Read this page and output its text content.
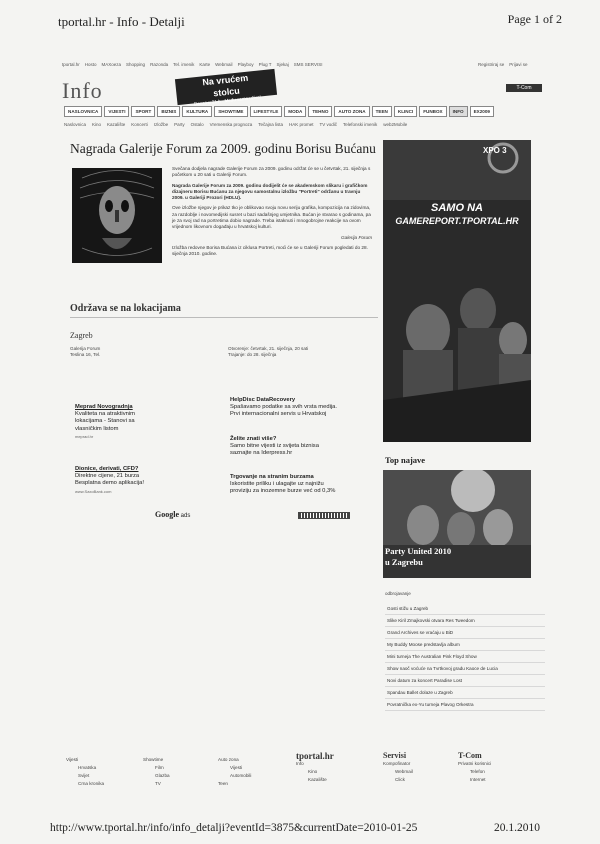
tportal.hr - Info - Detalji	Page 1 of 2
tportal.hr Hosto MAXoeza Shopping Razonda Tel. imenik Karte Webmail Playboy Plug T Sjekaj SMS SERVISI	Registriraj se Prijavi se
Info	Na vrućem
stolcu
Danas u 21 h · Među vama uživo!
T-Com
NASLOVNICA	VIJESTI	SPORT	BIZNIS	KULTURA	SHOWTIME	LIFESTYLE	MODA	TEHNO	AUTO ZONA	TEEN	KLINCI	FUNBOX	INFO	EX2009
Naslovnica Kino Kazalište Koncerti Izložbe Party Ostalo Vremenska prognoza Tečajna lista HAK promet TV vodič Telefonski imenik web2Mobile
Nagrada Galerije Forum za 2009. godinu Borisu Bućanu

Svečana dodjela nagrade Galerije Forum za 2009. godinu održat će se u četvrtak, 21. siječnja s početkom u 20 sati u Galeriji Forum.

Nagrada Galerije Forum za 2009. godinu dodijelit će se akademskom slikaru i grafičkom dizajneru Borisu Bućanu za njegovu samostalnu izložbu "Portreti" održanu u travnju 2009. u Galeriji Prozori (HDLU).

Ove izložbe njegov je prikaz tko je oblikovao svoju novu seriju grafika, kompozicija na zidovima, za razdoblje i novomedijski susret u bazi sadašnjeg umjetnika. Bućan je stvarao s godinama, pa je za svoj rad na portretima dobio nagrade. Treba istaknuti i mnogobrojne reakcije na ovom vrijednom likovnom događaju u hrvatskoj kulturi.

Galerija Forum

Izložba redovne Borisa Bućana iz ciklusa Portreti, moći će se u Galeriji Forum pogledati do 28. siječnja 2010. godine.

Održava se na lokacijama
Zagreb
Galerija Forum
Teslina 16, Tel.
Otvorenje: četvrtak, 21. siječnja, 20 sati
Trajanje: do 28. siječnja
Meprad Novogradnja
Kvaliteta na atraktivnim
lokacijama - Stanovi sa
vlasničkim listom
meprad.hr
HelpDisc DataRecovery
Spašavamo podatke sa svih vrsta medija.
Prvi internacionalni servis u Hrvatskoj
Dionice, derivati, CFD?
Direktne cijene, 21 burza
Besplatna demo aplikacija!
www.SaxoBank.com
Želite znati više?
Samo bitne vijesti iz svijeta biznisa
saznajte na Iderpress.hr
Trgovanje na stranim burzama
Iskoristite priliku i ulagajte uz najnižu
proviziju za inozemne burze već od 0,3%
Google ads
XPO 3
SAMO NA
GAMEREPORT.TPORTAL.HR
Top najave
Party United 2010
u Zagrebu
odbrojavanje
Gosti stižu u Zagreb
Slike Kiril Zmajkovski otvara Res Tweedom
Grand Archives se vraćaju u BiD
My Buddy Moose predstavlja album
Mini turneja The Australian Pink Floyd Show
Show naoč voćuće na Tvrtkovoj gradu Kaoce de Lucia
Novi datum za koncert Paradise Lost
Spandau Ballet dolaze u Zagreb
Povratnička ex-Yu turneja Plavog Orkestra
Vijesti
Hrvatska
Svijet
Crna kronika
Showtime
Film
Glazba
TV
Auto zona
Vijesti
Automobili
Teen
tportal.hr
Info
Kino
Kazalište
Servisi
Kompofinator
Webmail
Click
T-Com
Privatni korisnici
Telefon
Internet
http://www.tportal.hr/info/info_detalji?eventId=3875&currentDate=2010-01-25	20.1.2010
